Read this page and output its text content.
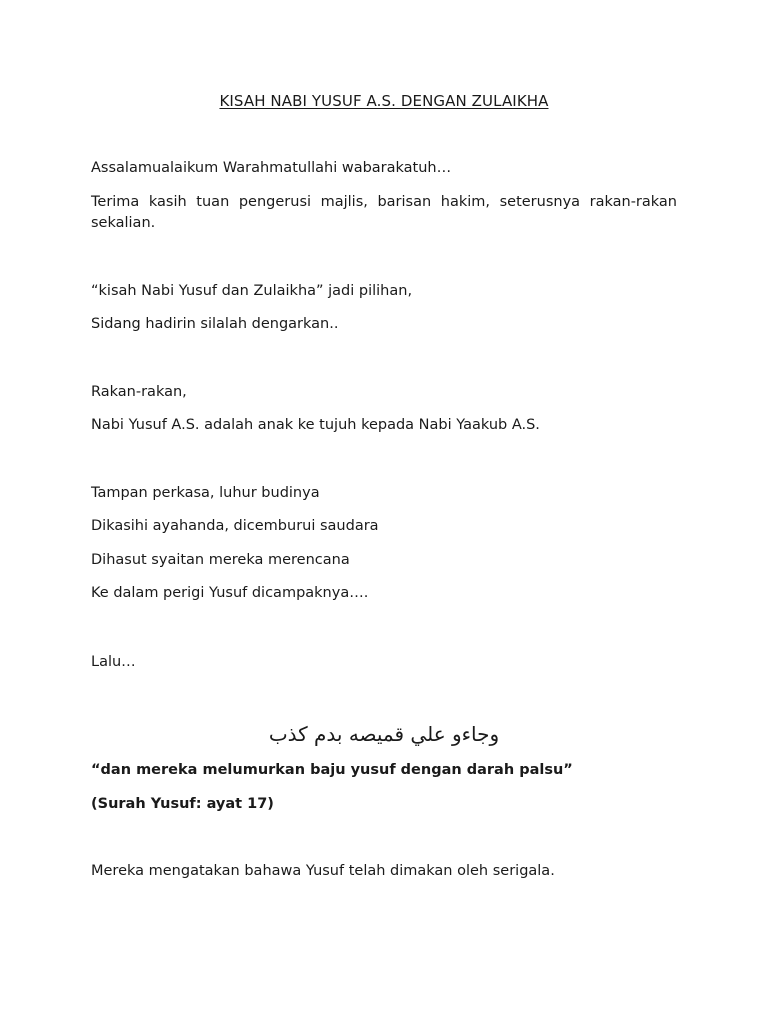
KISAH NABI YUSUF A.S. DENGAN ZULAIKHA
Assalamualaikum Warahmatullahi wabarakatuh…
Terima kasih tuan pengerusi majlis, barisan hakim, seterusnya rakan-rakan sekalian.
“kisah Nabi Yusuf dan Zulaikha” jadi pilihan,
Sidang hadirin silalah dengarkan..
Rakan-rakan,
Nabi Yusuf A.S. adalah anak ke tujuh kepada Nabi Yaakub A.S.
Tampan perkasa, luhur budinya
Dikasihi ayahanda, dicemburui saudara
Dihasut syaitan mereka merencana
Ke dalam perigi Yusuf dicampaknya….
Lalu…
وجاءو علي قميصه بدم كذب
“dan mereka melumurkan baju yusuf dengan darah palsu”
(Surah Yusuf: ayat 17)
Mereka mengatakan bahawa Yusuf telah dimakan oleh serigala.
